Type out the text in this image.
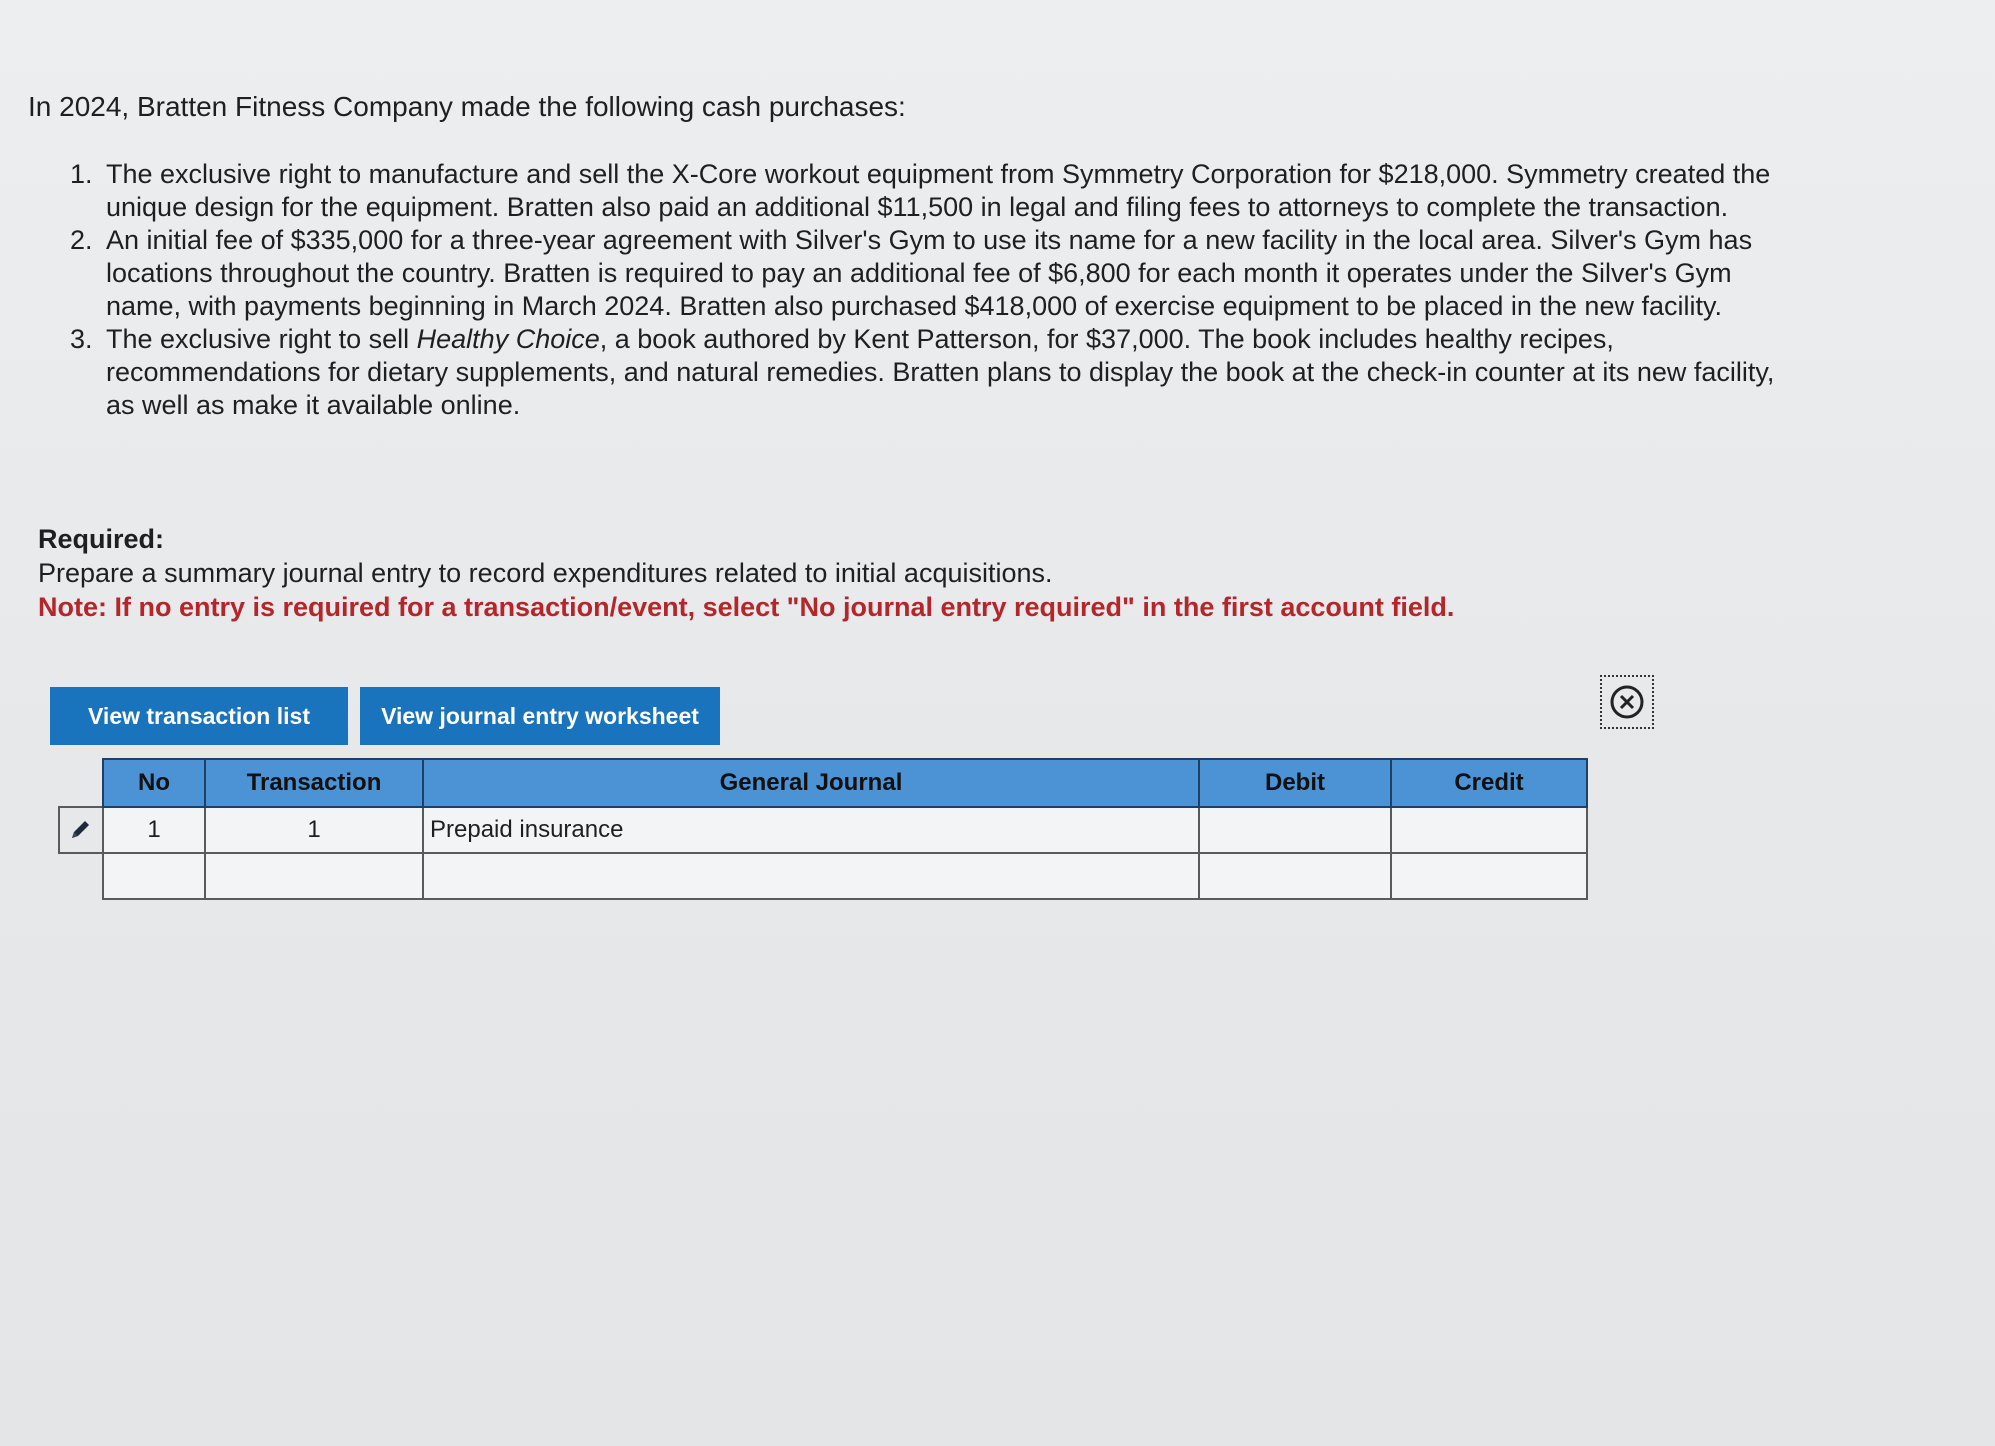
In 2024, Bratten Fitness Company made the following cash purchases:

1. The exclusive right to manufacture and sell the X-Core workout equipment from Symmetry Corporation for $218,000. Symmetry created the unique design for the equipment. Bratten also paid an additional $11,500 in legal and filing fees to attorneys to complete the transaction.
2. An initial fee of $335,000 for a three-year agreement with Silver's Gym to use its name for a new facility in the local area. Silver's Gym has locations throughout the country. Bratten is required to pay an additional fee of $6,800 for each month it operates under the Silver's Gym name, with payments beginning in March 2024. Bratten also purchased $418,000 of exercise equipment to be placed in the new facility.
3. The exclusive right to sell Healthy Choice, a book authored by Kent Patterson, for $37,000. The book includes healthy recipes, recommendations for dietary supplements, and natural remedies. Bratten plans to display the book at the check-in counter at its new facility, as well as make it available online.
Required:
Prepare a summary journal entry to record expenditures related to initial acquisitions.
Note: If no entry is required for a transaction/event, select "No journal entry required" in the first account field.
View transaction list	View journal entry worksheet
	No	Transaction	General Journal	Debit	Credit

	1	1	Prepaid insurance		
